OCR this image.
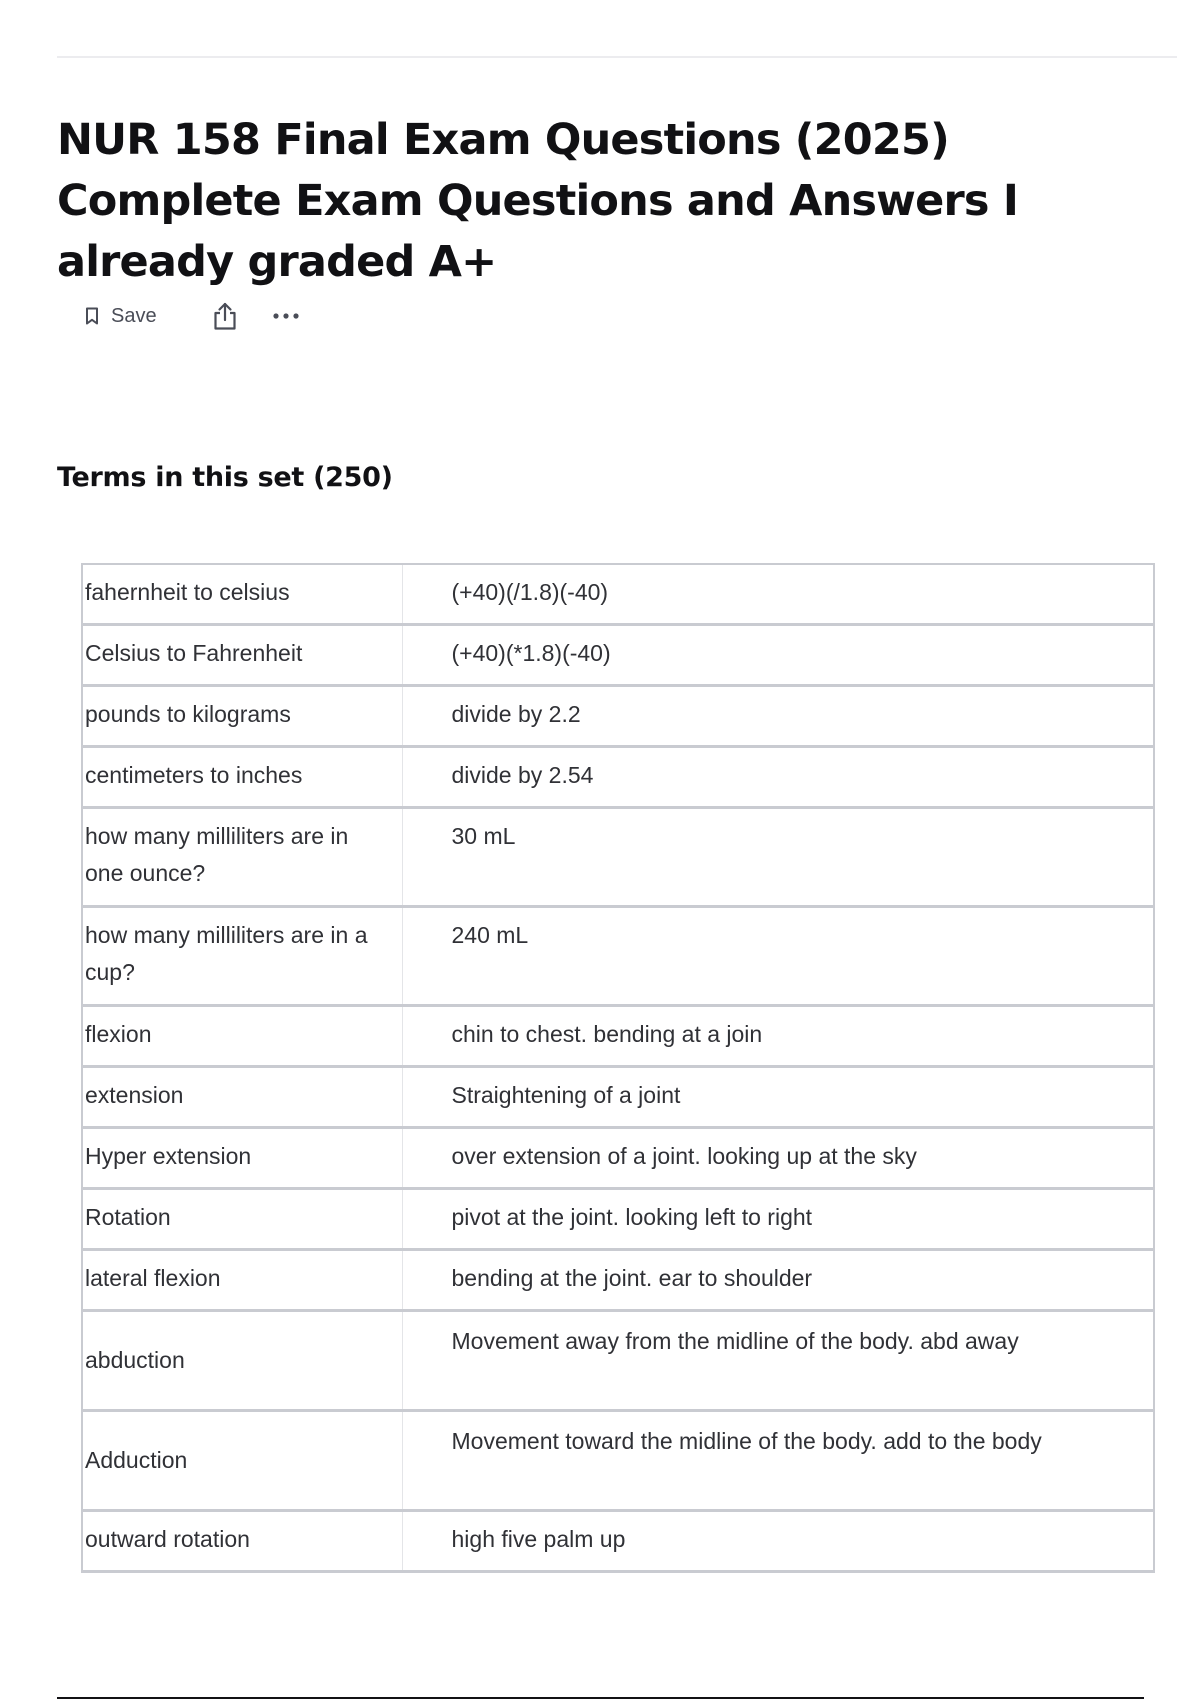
NUR 158 Final Exam Questions (2025) Complete Exam Questions and Answers I already graded A+
Save
Terms in this set (250)
fahernheit to celsius	(+40)(/1.8)(-40)
Celsius to Fahrenheit	(+40)(*1.8)(-40)
pounds to kilograms	divide by 2.2
centimeters to inches	divide by 2.54
how many milliliters are in one ounce?	30 mL
how many milliliters are in a cup?	240 mL
flexion	chin to chest. bending at a join
extension	Straightening of a joint
Hyper extension	over extension of a joint. looking up at the sky
Rotation	pivot at the joint. looking left to right
lateral flexion	bending at the joint. ear to shoulder
abduction	Movement away from the midline of the body. abd away
Adduction	Movement toward the midline of the body. add to the body
outward rotation	high five palm up
